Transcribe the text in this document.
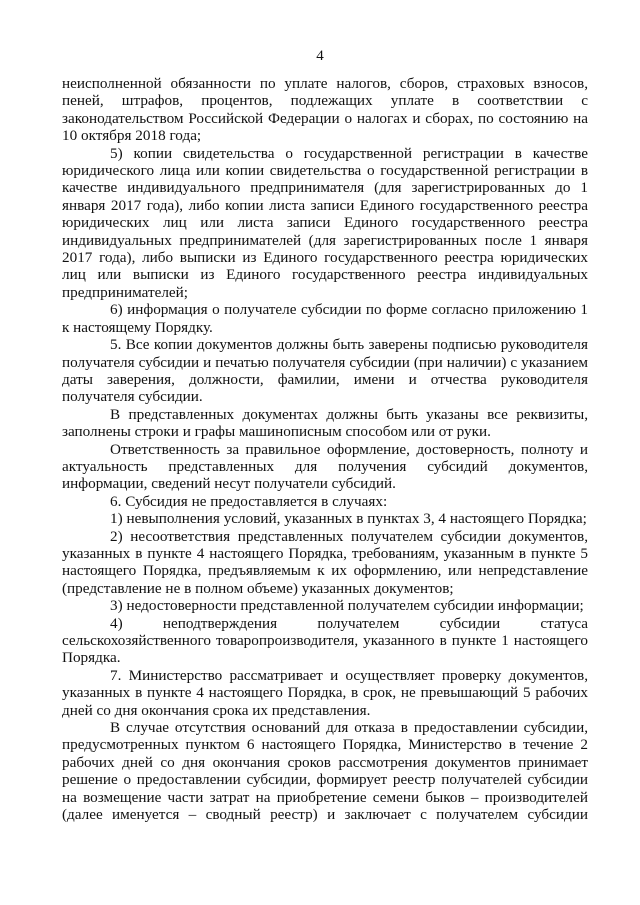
4

неисполненной обязанности по уплате налогов, сборов, страховых взносов, пеней, штрафов, процентов, подлежащих уплате в соответствии с законодательством Российской Федерации о налогах и сборах, по состоянию на 10 октября 2018 года;

5) копии свидетельства о государственной регистрации в качестве юридического лица или копии свидетельства о государственной регистрации в качестве индивидуального предпринимателя (для зарегистрированных до 1 января 2017 года), либо копии листа записи Единого государственного реестра юридических лиц или листа записи Единого государственного реестра индивидуальных предпринимателей (для зарегистрированных после 1 января 2017 года), либо выписки из Единого государственного реестра юридических лиц или выписки из Единого государственного реестра индивидуальных предпринимателей;

6) информация о получателе субсидии по форме согласно приложению 1 к настоящему Порядку.

5. Все копии документов должны быть заверены подписью руководителя получателя субсидии и печатью получателя субсидии (при наличии) с указанием даты заверения, должности, фамилии, имени и отчества руководителя получателя субсидии.

В представленных документах должны быть указаны все реквизиты, заполнены строки и графы машинописным способом или от руки.

Ответственность за правильное оформление, достоверность, полноту и актуальность представленных для получения субсидий документов, информации, сведений несут получатели субсидий.

6. Субсидия не предоставляется в случаях:

1) невыполнения условий, указанных в пунктах 3, 4 настоящего Порядка;

2) несоответствия представленных получателем субсидии документов, указанных в пункте 4 настоящего Порядка, требованиям, указанным в пункте 5 настоящего Порядка, предъявляемым к их оформлению, или непредставление (представление не в полном объеме) указанных документов;

3) недостоверности представленной получателем субсидии информации;

4) неподтверждения получателем субсидии статуса сельскохозяйственного товаропроизводителя, указанного в пункте 1 настоящего Порядка.

7. Министерство рассматривает и осуществляет проверку документов, указанных в пункте 4 настоящего Порядка, в срок, не превышающий 5 рабочих дней со дня окончания срока их представления.

В случае отсутствия оснований для отказа в предоставлении субсидии, предусмотренных пунктом 6 настоящего Порядка, Министерство в течение 2 рабочих дней со дня окончания сроков рассмотрения документов принимает решение о предоставлении субсидии, формирует реестр получателей субсидии на возмещение части затрат на приобретение семени быков – производителей (далее именуется – сводный реестр) и заключает с получателем субсидии
